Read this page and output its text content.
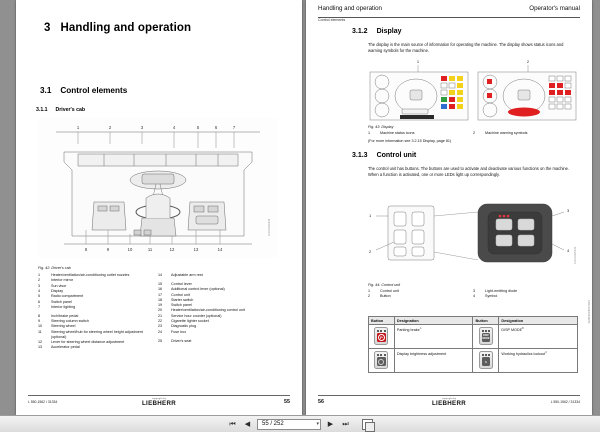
3 Handling and operation
3.1 Control elements
3.1.1 Driver's cab
1	2	3	4	5	6	7
8	9	10	11	12	13	14
LFR/10420449
Fig. 42: Driver's cab
1	Heater/ventilation/air-conditioning outlet nozzles
2	Interior mirror
3	Sun visor
4	Display
5	Radio compartment
6	Switch panel
7	Interior lighting
8	Inch/brake pedal
9	Steering column switch
10	Steering wheel
11	Steering wheel/hub for steering wheel height adjustment (optional)
12	Lever for steering wheel distance adjustment
13	Accelerator pedal
14	Adjustable arm rest
15	Control lever
16	Additional control lever (optional)
17	Control unit
18	Starter switch
19	Switch panel
20	Heater/ventilation/air-conditioning control unit
21	Service hour counter (optional)
22	Cigarette lighter socket
23	Diagnostic plug
24	Fuse box
25	Driver's seat
L 550-1562 / 31334
copyright by
LIEBHERR	55
Handling and operation	Operator's manual
Control elements
3.1.2 Display
The display is the main source of information for operating the machine. The display shows status icons and warning symbols for the machine.
1	2
Fig. 43: Display
1	Machine status icons	2	Machine warning symbols
(For more information see 3.2.15 Display, page 81)
3.1.3 Control unit
The control unit has buttons. The buttons are used to activate and deactivate various functions on the machine. When a function is activated, one or more LEDs light up correspondingly.
1
2
3
4	LFR/10420449
Fig. 44: Control unit
1	Control unit
2	Button
3	Light-emitting diode
4	Symbol
Button	Designation	Button	Designation

P	Parking brake$^A$	DISP MODE	DISP $MODE^B$

	Display brightness adjustment	⇅	Working hydraulics lockout$^C$
LFR/10420449/01
56
copyright by
LIEBHERR	L 550-1562 / 31334
⏮	◀	55 / 252	▾	▶	⏭
